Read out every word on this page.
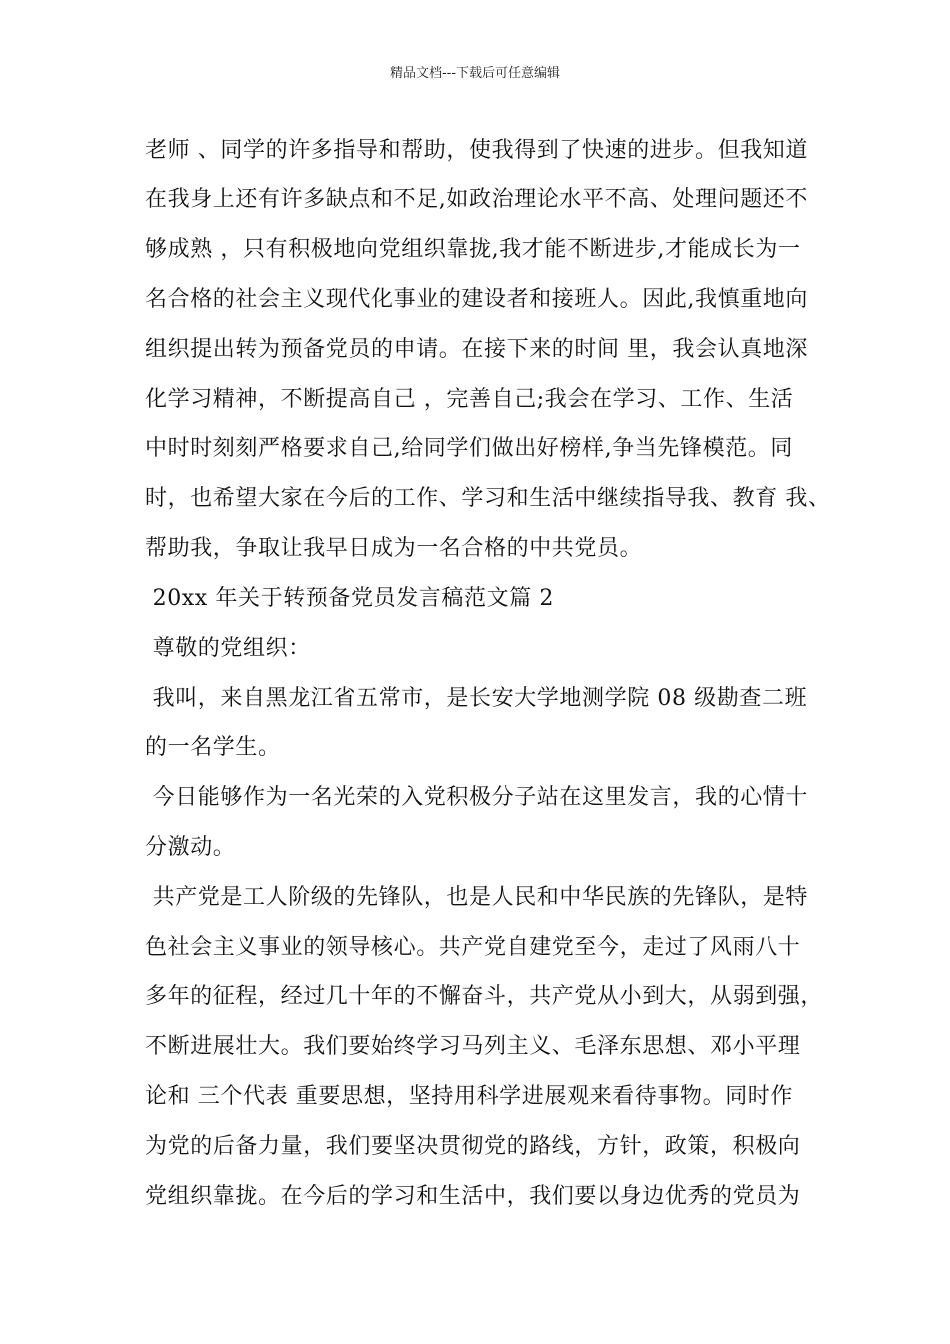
精品文档---下载后可任意编辑
老师 、同学的许多指导和帮助，使我得到了快速的进步。但我知道
在我身上还有许多缺点和不足,如政治理论水平不高、处理问题还不
够成熟 ，只有积极地向党组织靠拢,我才能不断进步,才能成长为一
名合格的社会主义现代化事业的建设者和接班人。因此,我慎重地向
组织提出转为预备党员的申请。在接下来的时间 里，我会认真地深
化学习精神，不断提高自己 ，完善自己;我会在学习、工作、生活
中时时刻刻严格要求自己,给同学们做出好榜样,争当先锋模范。同
时，也希望大家在今后的工作、学习和生活中继续指导我、教育 我、
帮助我，争取让我早日成为一名合格的中共党员。
20xx 年关于转预备党员发言稿范文篇 2
尊敬的党组织：
我叫，来自黑龙江省五常市，是长安大学地测学院 08 级勘查二班
的一名学生。
今日能够作为一名光荣的入党积极分子站在这里发言，我的心情十
分激动。
共产党是工人阶级的先锋队，也是人民和中华民族的先锋队，是特
色社会主义事业的领导核心。共产党自建党至今，走过了风雨八十
多年的征程，经过几十年的不懈奋斗，共产党从小到大，从弱到强，
不断进展壮大。我们要始终学习马列主义、毛泽东思想、邓小平理
论和 三个代表 重要思想，坚持用科学进展观来看待事物。同时作
为党的后备力量，我们要坚决贯彻党的路线，方针，政策，积极向
党组织靠拢。在今后的学习和生活中，我们要以身边优秀的党员为
